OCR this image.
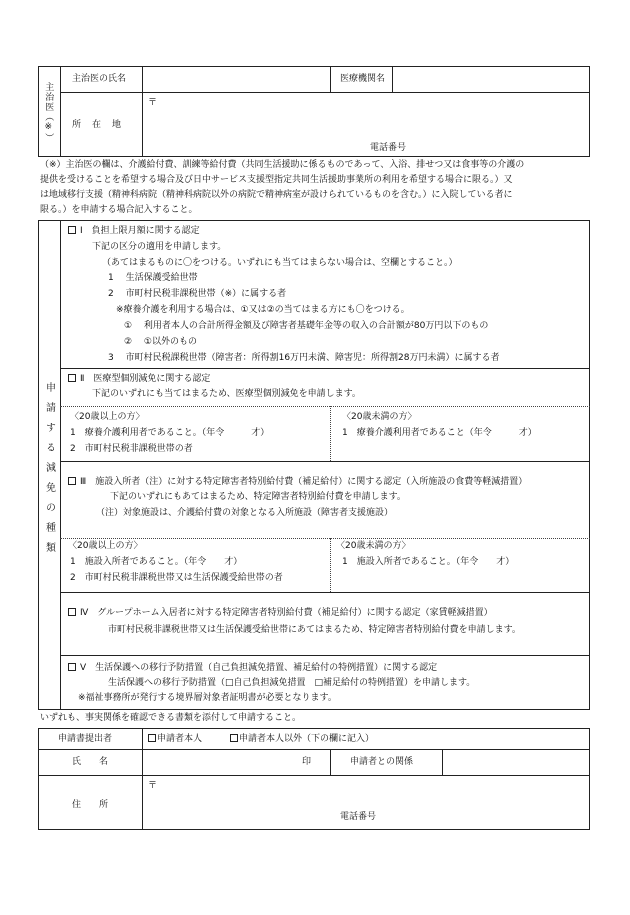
主治医（※）
主治医の氏名	医療機関名
〒
所　在　地
電話番号
（※）主治医の欄は、介護給付費、訓練等給付費（共同生活援助に係るものであって、入浴、排せつ又は食事等の介護の
提供を受けることを希望する場合及び日中サービス支援型指定共同生活援助事業所の利用を希望する場合に限る。）又
は地域移行支援（精神科病院（精神科病院以外の病院で精神病室が設けられているものを含む。）に入院している者に
限る。）を申請する場合記入すること。
申請する減免の種類
Ⅰ　負担上限月額に関する認定
下記の区分の適用を申請します。
（あてはまるものに〇をつける。いずれにも当てはまらない場合は、空欄とすること。）
1　 生活保護受給世帯
2　 市町村民税非課税世帯（※）に属する者
※療養介護を利用する場合は、①又は②の当てはまる方にも〇をつける。
①　 利用者本人の合計所得金額及び障害者基礎年金等の収入の合計額が80万円以下のもの
②　 ①以外のもの
3　 市町村民税課税世帯（障害者：所得割16万円未満、障害児：所得割28万円未満）に属する者
Ⅱ　医療型個別減免に関する認定
下記のいずれにも当てはまるため、医療型個別減免を申請します。
〈20歳以上の方〉
1　療養介護利用者であること。（年令　　　才）
2　市町村民税非課税世帯の者
〈20歳未満の方〉
1　療養介護利用者であること（年令　　　才）
Ⅲ　施設入所者（注）に対する特定障害者特別給付費（補足給付）に関する認定（入所施設の食費等軽減措置）
下記のいずれにもあてはまるため、特定障害者特別給付費を申請します。
（注）対象施設は、介護給付費の対象となる入所施設（障害者支援施設）
〈20歳以上の方〉
1　施設入所者であること。（年令　　才）
2　市町村民税非課税世帯又は生活保護受給世帯の者
〈20歳未満の方〉
1　施設入所者であること。（年令　　才）
Ⅳ　グループホーム入居者に対する特定障害者特別給付費（補足給付）に関する認定（家賃軽減措置）
市町村民税非課税世帯又は生活保護受給世帯にあてはまるため、特定障害者特別給付費を申請します。
Ⅴ　生活保護への移行予防措置（自己負担減免措置、補足給付の特例措置）に関する認定
生活保護への移行予防措置（□自己負担減免措置　□補足給付の特例措置）を申請します。
※福祉事務所が発行する境界層対象者証明書が必要となります。
いずれも、事実関係を確認できる書類を添付して申請すること。
申請書提出者	申請者本人	申請者本人以外（下の欄に記入）
氏　　名	印	申請者との関係
〒
住　　所
電話番号
